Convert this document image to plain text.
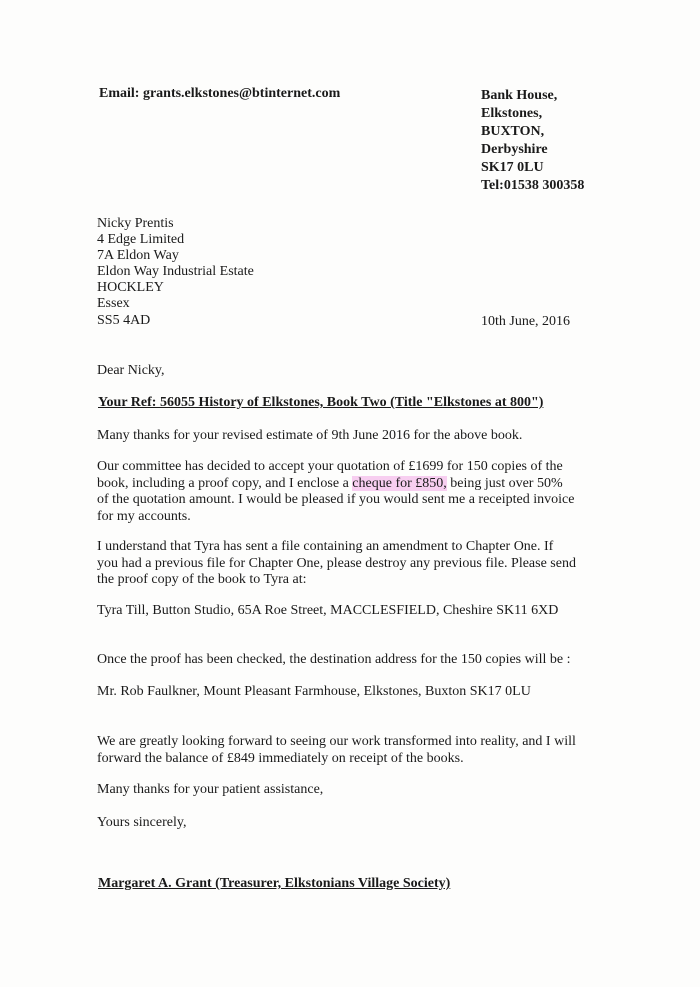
Email: grants.elkstones@btinternet.com	Bank House,
Elkstones,
BUXTON,
Derbyshire
SK17 0LU
Tel:01538 300358
Nicky Prentis
4 Edge Limited
7A Eldon Way
Eldon Way Industrial Estate
HOCKLEY
Essex
SS5 4AD	10th June, 2016
Dear Nicky,
Your Ref: 56055 History of Elkstones, Book Two (Title "Elkstones at 800")
Many thanks for your revised estimate of 9th June 2016 for the above book.
Our committee has decided to accept your quotation of £1699 for 150 copies of the
book, including a proof copy, and I enclose a cheque for £850, being just over 50%
of the quotation amount. I would be pleased if you would sent me a receipted invoice
for my accounts.
I understand that Tyra has sent a file containing an amendment to Chapter One. If
you had a previous file for Chapter One, please destroy any previous file. Please send
the proof copy of the book to Tyra at:
Tyra Till, Button Studio, 65A Roe Street, MACCLESFIELD, Cheshire SK11 6XD
Once the proof has been checked, the destination address for the 150 copies will be :
Mr. Rob Faulkner, Mount Pleasant Farmhouse, Elkstones, Buxton SK17 0LU
We are greatly looking forward to seeing our work transformed into reality, and I will
forward the balance of £849 immediately on receipt of the books.
Many thanks for your patient assistance,
Yours sincerely,
Margaret A. Grant (Treasurer, Elkstonians Village Society)
